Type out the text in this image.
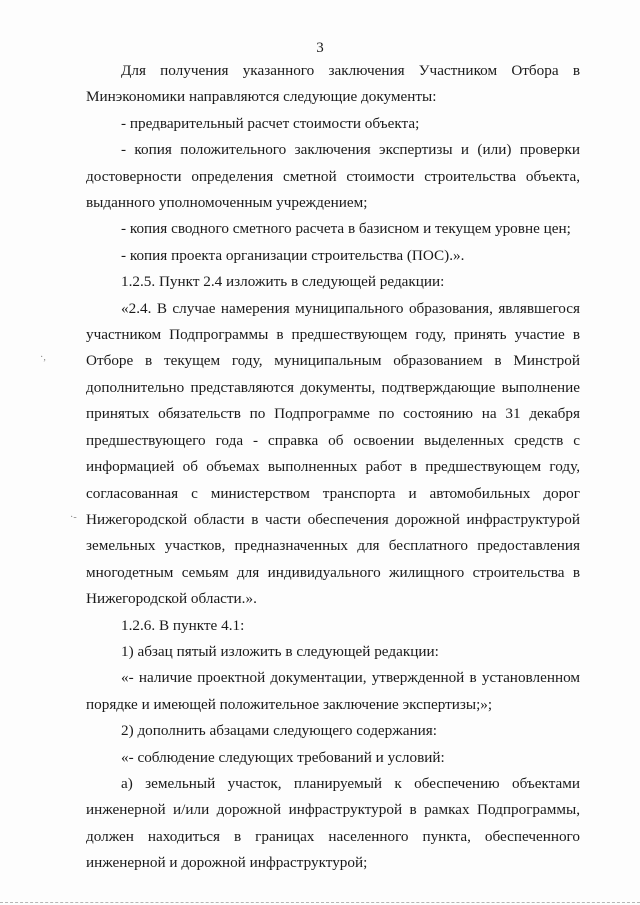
3

Для получения указанного заключения Участником Отбора в Минэкономики направляются следующие документы:

- предварительный расчет стоимости объекта;

- копия положительного заключения экспертизы и (или) проверки достоверности определения сметной стоимости строительства объекта, выданного уполномоченным учреждением;

- копия сводного сметного расчета в базисном и текущем уровне цен;

- копия проекта организации строительства (ПОС).».

1.2.5. Пункт 2.4 изложить в следующей редакции:

«2.4. В случае намерения муниципального образования, являвшегося участником Подпрограммы в предшествующем году, принять участие в Отборе в текущем году, муниципальным образованием в Минстрой дополнительно представляются документы, подтверждающие выполнение принятых обязательств по Подпрограмме по состоянию на 31 декабря предшествующего года - справка об освоении выделенных средств с информацией об объемах выполненных работ в предшествующем году, согласованная с министерством транспорта и автомобильных дорог Нижегородской области в части обеспечения дорожной инфраструктурой земельных участков, предназначенных для бесплатного предоставления многодетным семьям для индивидуального жилищного строительства в Нижегородской области.».

1.2.6. В пункте 4.1:

1) абзац пятый изложить в следующей редакции:

«- наличие проектной документации, утвержденной в установленном порядке и имеющей положительное заключение экспертизы;»;

2) дополнить абзацами следующего содержания:

«- соблюдение следующих требований и условий:

а) земельный участок, планируемый к обеспечению объектами инженерной и/или дорожной инфраструктурой в рамках Подпрограммы, должен находиться в границах населенного пункта, обеспеченного инженерной и дорожной инфраструктурой;

·,
·-
